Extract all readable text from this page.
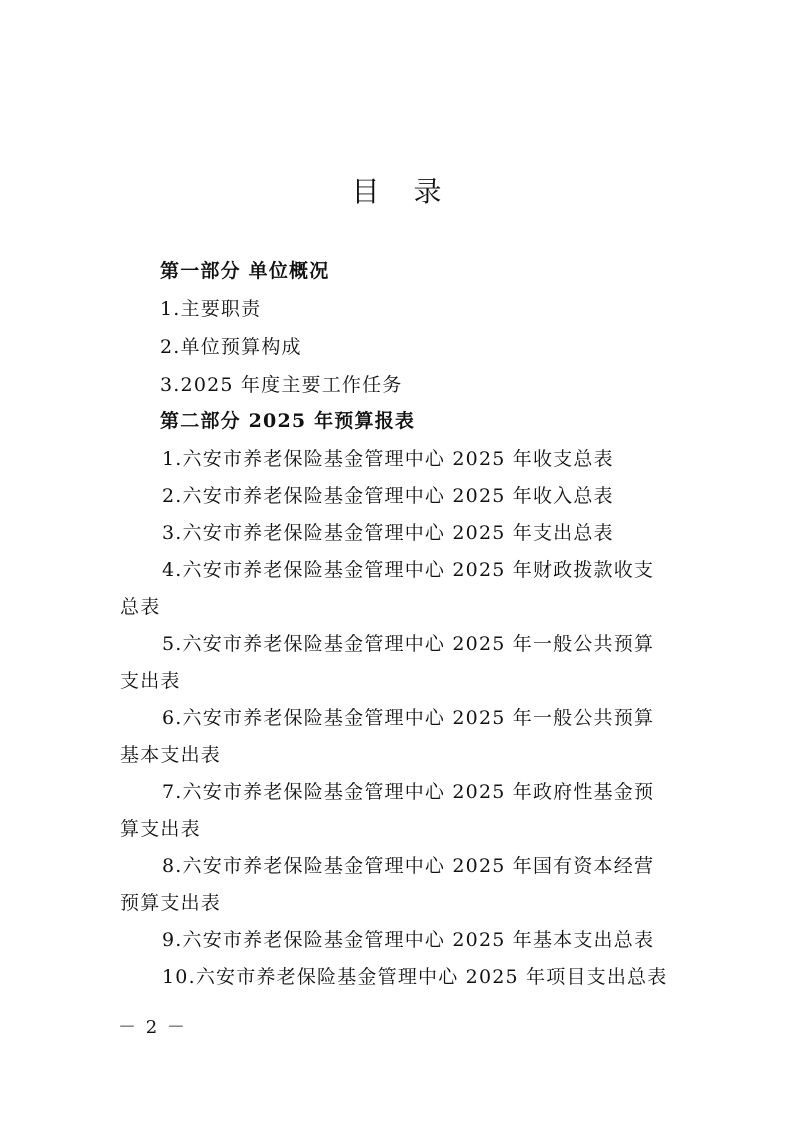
目录
第一部分 单位概况
1.主要职责
2.单位预算构成
3.2025 年度主要工作任务
第二部分 2025 年预算报表
1.六安市养老保险基金管理中心 2025 年收支总表
2.六安市养老保险基金管理中心 2025 年收入总表
3.六安市养老保险基金管理中心 2025 年支出总表
4.六安市养老保险基金管理中心 2025 年财政拨款收支
总表
5.六安市养老保险基金管理中心 2025 年一般公共预算
支出表
6.六安市养老保险基金管理中心 2025 年一般公共预算
基本支出表
7.六安市养老保险基金管理中心 2025 年政府性基金预
算支出表
8.六安市养老保险基金管理中心 2025 年国有资本经营
预算支出表
9.六安市养老保险基金管理中心 2025 年基本支出总表
10.六安市养老保险基金管理中心 2025 年项目支出总表
－ 2 －
